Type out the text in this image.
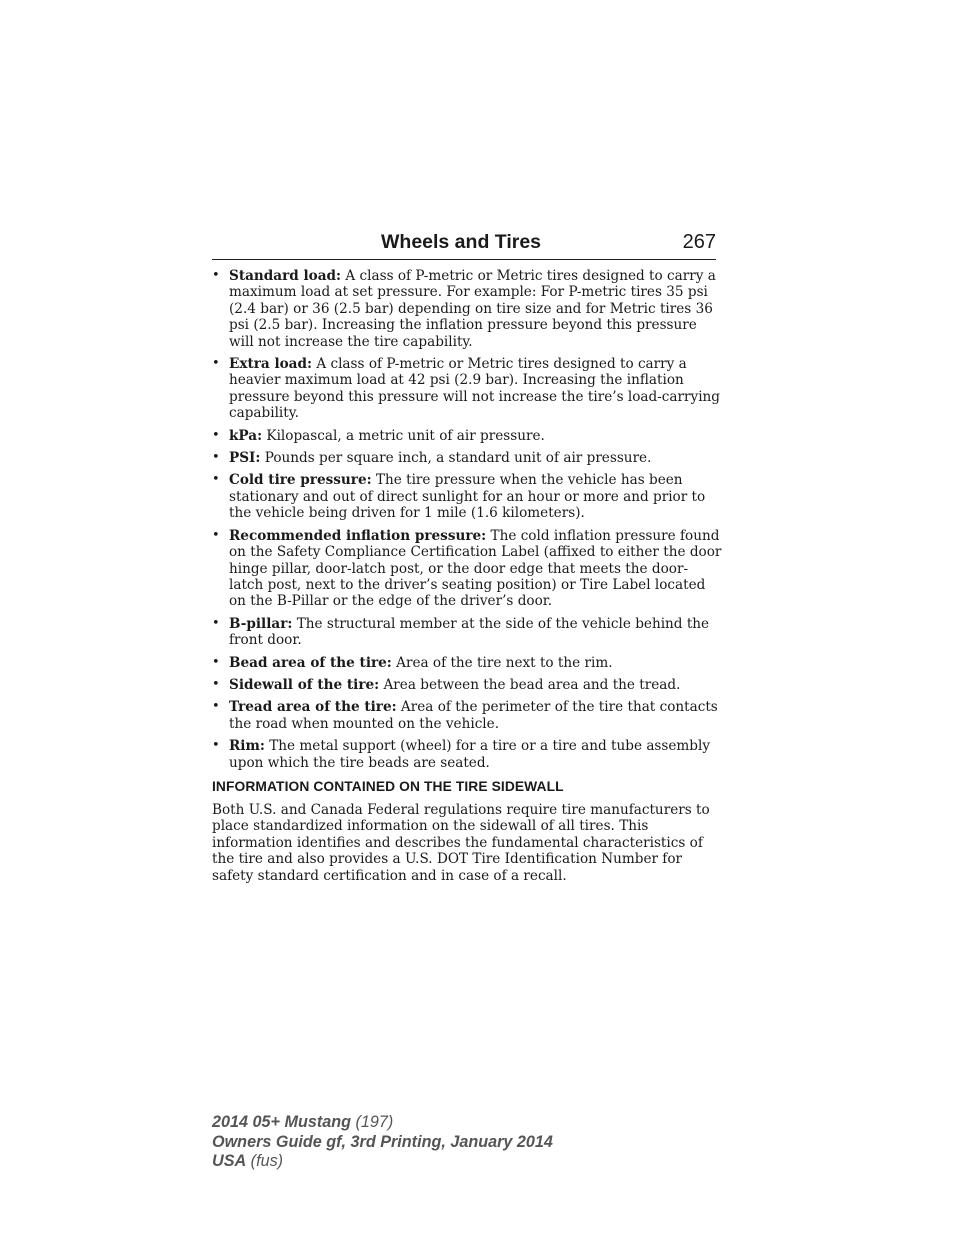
Wheels and Tires	267
• Standard load: A class of P-metric or Metric tires designed to carry a maximum load at set pressure. For example: For P-metric tires 35 psi (2.4 bar) or 36 (2.5 bar) depending on tire size and for Metric tires 36 psi (2.5 bar). Increasing the inflation pressure beyond this pressure will not increase the tire capability.
• Extra load: A class of P-metric or Metric tires designed to carry a heavier maximum load at 42 psi (2.9 bar). Increasing the inflation pressure beyond this pressure will not increase the tire’s load-carrying capability.
• kPa: Kilopascal, a metric unit of air pressure.
• PSI: Pounds per square inch, a standard unit of air pressure.
• Cold tire pressure: The tire pressure when the vehicle has been stationary and out of direct sunlight for an hour or more and prior to the vehicle being driven for 1 mile (1.6 kilometers).
• Recommended inflation pressure: The cold inflation pressure found on the Safety Compliance Certification Label (affixed to either the door hinge pillar, door-latch post, or the door edge that meets the door-latch post, next to the driver’s seating position) or Tire Label located on the B-Pillar or the edge of the driver’s door.
• B-pillar: The structural member at the side of the vehicle behind the front door.
• Bead area of the tire: Area of the tire next to the rim.
• Sidewall of the tire: Area between the bead area and the tread.
• Tread area of the tire: Area of the perimeter of the tire that contacts the road when mounted on the vehicle.
• Rim: The metal support (wheel) for a tire or a tire and tube assembly upon which the tire beads are seated.
INFORMATION CONTAINED ON THE TIRE SIDEWALL
Both U.S. and Canada Federal regulations require tire manufacturers to place standardized information on the sidewall of all tires. This information identifies and describes the fundamental characteristics of the tire and also provides a U.S. DOT Tire Identification Number for safety standard certification and in case of a recall.
2014 05+ Mustang (197)
Owners Guide gf, 3rd Printing, January 2014
USA (fus)
